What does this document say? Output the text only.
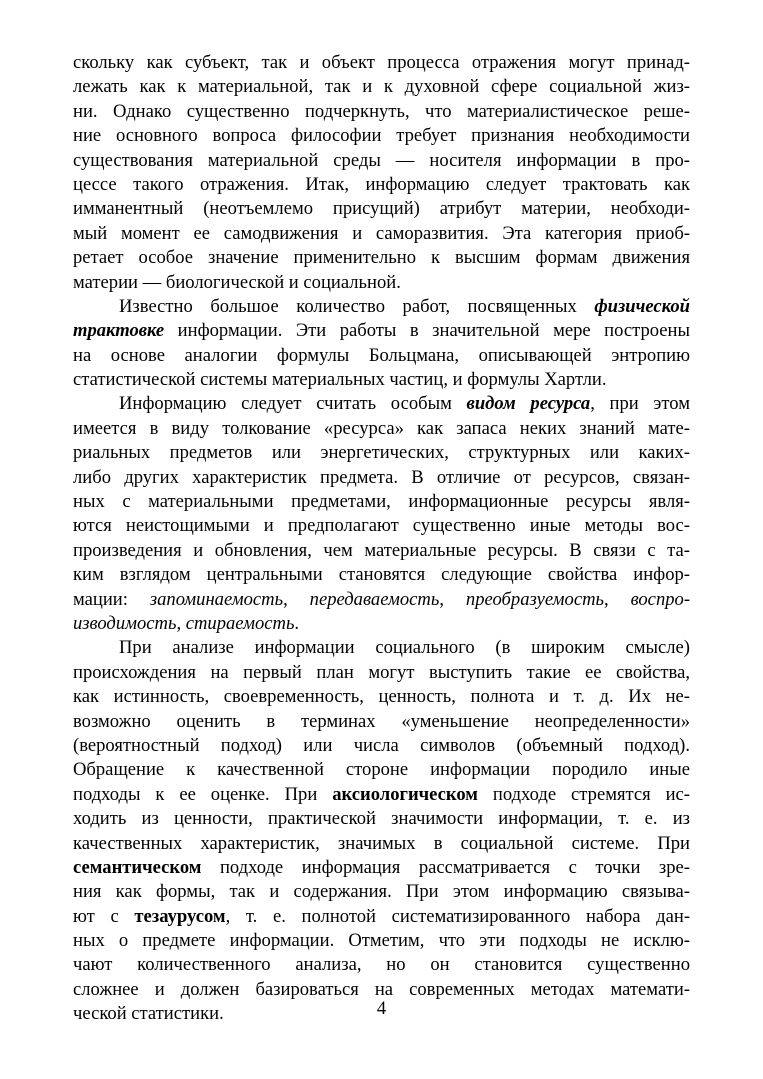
скольку как субъект, так и объект процесса отражения могут принад-
лежать как к материальной, так и к духовной сфере социальной жиз-
ни. Однако существенно подчеркнуть, что материалистическое реше-
ние основного вопроса философии требует признания необходимости
существования материальной среды — носителя информации в про-
цессе такого отражения. Итак, информацию следует трактовать как
имманентный (неотъемлемо присущий) атрибут материи, необходи-
мый момент ее самодвижения и саморазвития. Эта категория приоб-
ретает особое значение применительно к высшим формам движения
материи — биологической и социальной.
Известно большое количество работ, посвященных физической
трактовке информации. Эти работы в значительной мере построены
на основе аналогии формулы Больцмана, описывающей энтропию
статистической системы материальных частиц, и формулы Хартли.
Информацию следует считать особым видом ресурса, при этом
имеется в виду толкование «ресурса» как запаса неких знаний мате-
риальных предметов или энергетических, структурных или каких-
либо других характеристик предмета. В отличие от ресурсов, связан-
ных с материальными предметами, информационные ресурсы явля-
ются неистощимыми и предполагают существенно иные методы вос-
произведения и обновления, чем материальные ресурсы. В связи с та-
ким взглядом центральными становятся следующие свойства инфор-
мации: запоминаемость, передаваемость, преобразуемость, воспро-
изводимость, стираемость.
При анализе информации социального (в широким смысле)
происхождения на первый план могут выступить такие ее свойства,
как истинность, своевременность, ценность, полнота и т. д. Их не-
возможно оценить в терминах «уменьшение неопределенности»
(вероятностный подход) или числа символов (объемный подход).
Обращение к качественной стороне информации породило иные
подходы к ее оценке. При аксиологическом подходе стремятся ис-
ходить из ценности, практической значимости информации, т. е. из
качественных характеристик, значимых в социальной системе. При
семантическом подходе информация рассматривается с точки зре-
ния как формы, так и содержания. При этом информацию связыва-
ют с тезаурусом, т. е. полнотой систематизированного набора дан-
ных о предмете информации. Отметим, что эти подходы не исклю-
чают количественного анализа, но он становится существенно
сложнее и должен базироваться на современных методах математи-
ческой статистики.	4
